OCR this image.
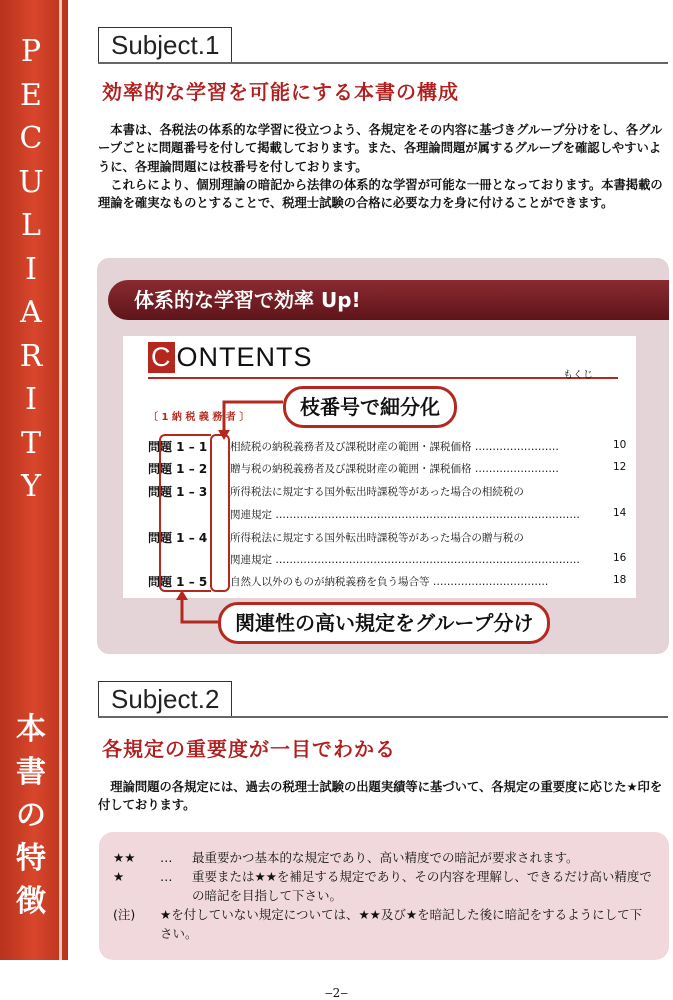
P
E
C
U
L
I
A
R
I
T
Y
本
書
の
特
徴
Subject.1
効率的な学習を可能にする本書の構成

本書は、各税法の体系的な学習に役立つよう、各規定をその内容に基づきグループ分けをし、各グループごとに問題番号を付して掲載しております。また、各理論問題が属するグループを確認しやすいように、各理論問題には枝番号を付しております。

これらにより、個別理論の暗記から法律の体系的な学習が可能な一冊となっております。本書掲載の理論を確実なものとすることで、税理士試験の合格に必要な力を身に付けることができます。

体系的な学習で効率 Up!
C ONTENTS
もくじ
〔 1 納 税 義 務 者 〕
問題 1 – 1 相続税の納税義務者及び課税財産の範囲・課税価格 ……………………	10
問題 1 – 2 贈与税の納税義務者及び課税財産の範囲・課税価格 ……………………	12
問題 1 – 3 所得税法に規定する国外転出時課税等があった場合の相続税の
関連規定 ……………………………………………………………………………	14
問題 1 – 4 所得税法に規定する国外転出時課税等があった場合の贈与税の
関連規定 ……………………………………………………………………………	16
問題 1 – 5 自然人以外のものが納税義務を負う場合等 ……………………………	18
枝番号で細分化
関連性の高い規定をグループ分け
Subject.2
各規定の重要度が一目でわかる

理論問題の各規定には、過去の税理士試験の出題実績等に基づいて、各規定の重要度に応じた★印を付しております。

★★ … 最重要かつ基本的な規定であり、高い精度での暗記が要求されます。
★	… 重要または★★を補足する規定であり、その内容を理解し、できるだけ高い精度での暗記を目指して下さい。
(注) ★を付していない規定については、★★及び★を暗記した後に暗記をするようにして下さい。
‒2‒
